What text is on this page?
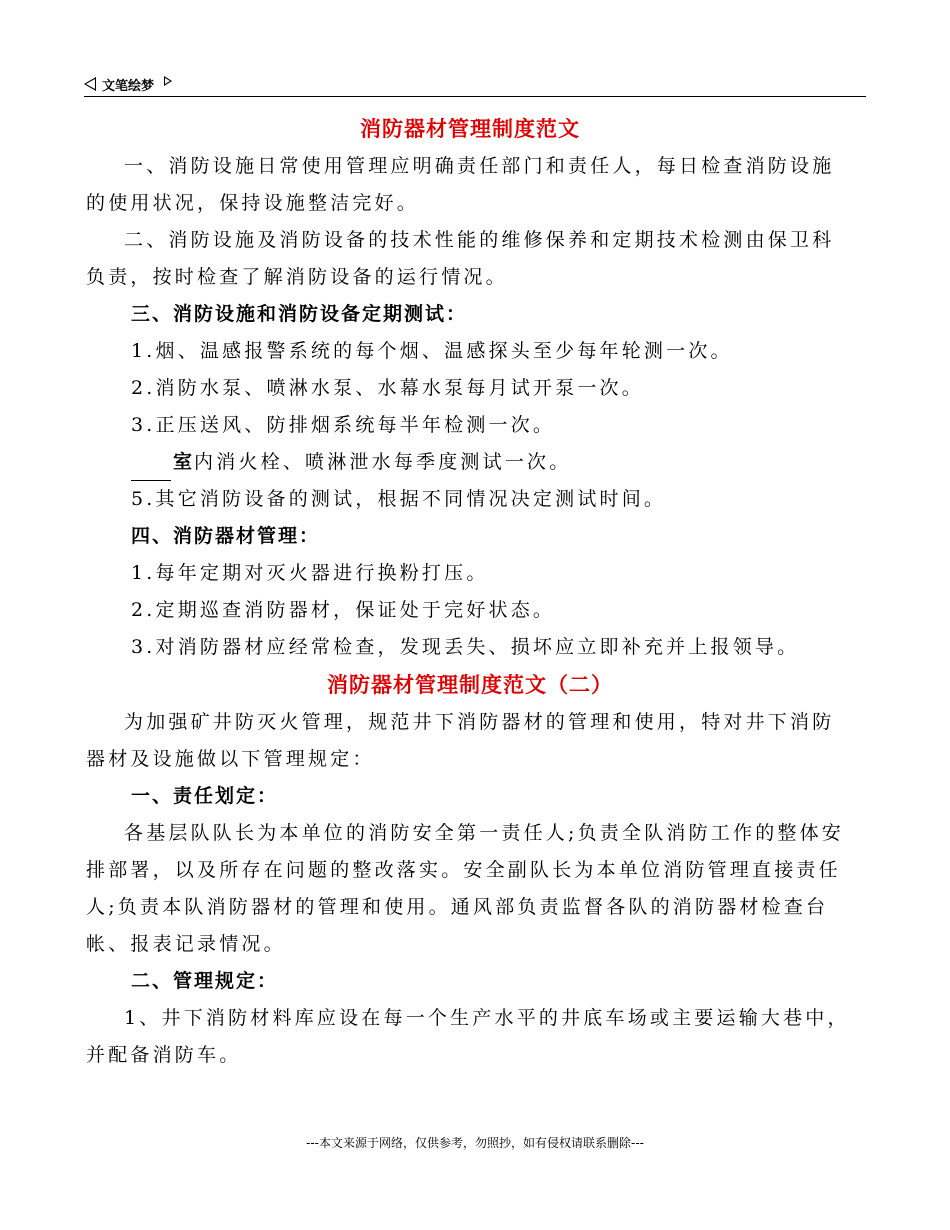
文笔绘梦
消防器材管理制度范文

一、消防设施日常使用管理应明确责任部门和责任人，每日检查消防设施的使用状况，保持设施整洁完好。

二、消防设施及消防设备的技术性能的维修保养和定期技术检测由保卫科负责，按时检查了解消防设备的运行情况。

三、消防设施和消防设备定期测试：

1.烟、温感报警系统的每个烟、温感探头至少每年轮测一次。

2.消防水泵、喷淋水泵、水幕水泵每月试开泵一次。

3.正压送风、防排烟系统每半年检测一次。

室内消火栓、喷淋泄水每季度测试一次。

5.其它消防设备的测试，根据不同情况决定测试时间。

四、消防器材管理：

1.每年定期对灭火器进行换粉打压。

2.定期巡查消防器材，保证处于完好状态。

3.对消防器材应经常检查，发现丢失、损坏应立即补充并上报领导。

消防器材管理制度范文（二）

为加强矿井防灭火管理，规范井下消防器材的管理和使用，特对井下消防器材及设施做以下管理规定：

一、责任划定：

各基层队队长为本单位的消防安全第一责任人;负责全队消防工作的整体安排部署，以及所存在问题的整改落实。安全副队长为本单位消防管理直接责任人;负责本队消防器材的管理和使用。通风部负责监督各队的消防器材检查台帐、报表记录情况。

二、管理规定：

1、井下消防材料库应设在每一个生产水平的井底车场或主要运输大巷中，并配备消防车。

---本文来源于网络，仅供参考，勿照抄，如有侵权请联系删除---
